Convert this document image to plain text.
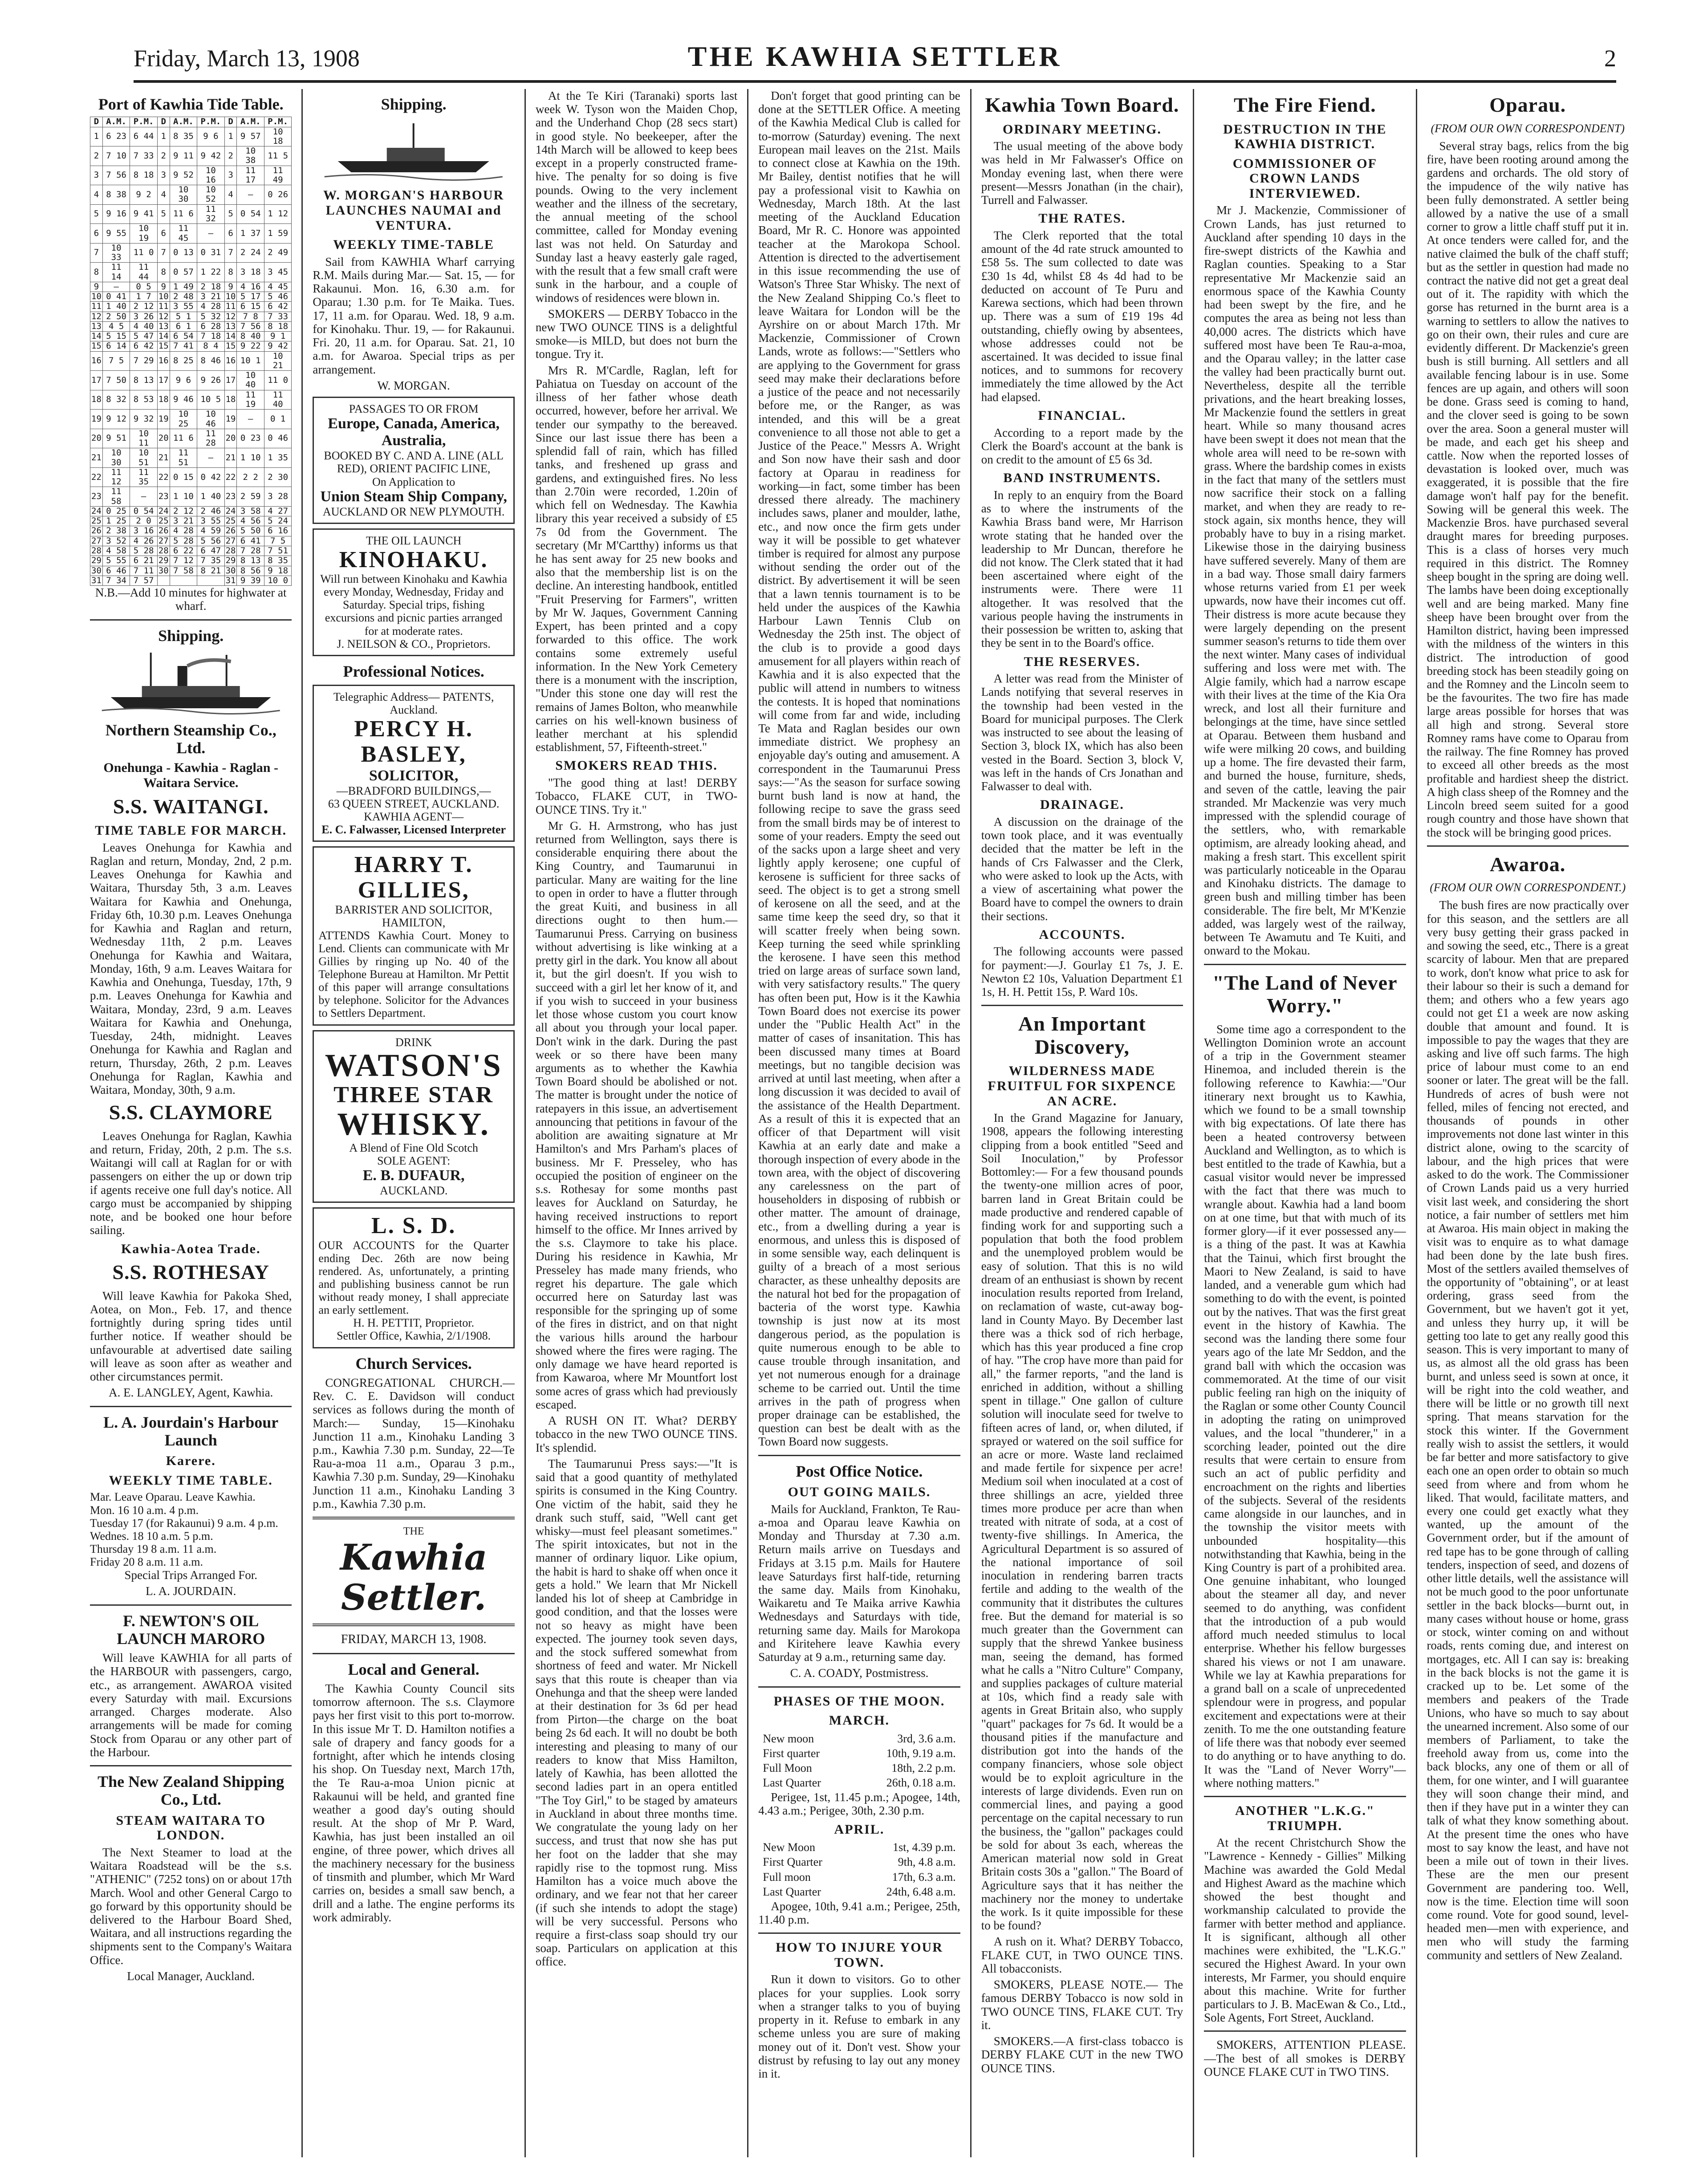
Friday, March 13, 1908	THE KAWHIA SETTLER	2
Port of Kawhia Tide Table.
D	A.M.	P.M.	D	A.M.	P.M.	D	A.M.	P.M.
1	6 23	6 44	1	8 35	9 6	1	9 57	10 18
2	7 10	7 33	2	9 11	9 42	2	10 38	11 5
3	7 56	8 18	3	9 52	10 16	3	11 17	11 49
4	8 38	9 2	4	10 30	10 52	4	—	0 26
5	9 16	9 41	5	11 6	11 32	5	0 54	1 12
6	9 55	10 19	6	11 45	—	6	1 37	1 59
7	10 33	11 0	7	0 13	0 31	7	2 24	2 49
8	11 14	11 44	8	0 57	1 22	8	3 18	3 45
9	—	0 5	9	1 49	2 18	9	4 16	4 45
10	0 41	1 7	10	2 48	3 21	10	5 17	5 46
11	1 40	2 12	11	3 55	4 28	11	6 15	6 42
12	2 50	3 26	12	5 1	5 32	12	7 8	7 33
13	4 5	4 40	13	6 1	6 28	13	7 56	8 18
14	5 15	5 47	14	6 54	7 18	14	8 40	9 1
15	6 14	6 42	15	7 41	8 4	15	9 22	9 42
16	7 5	7 29	16	8 25	8 46	16	10 1	10 21
17	7 50	8 13	17	9 6	9 26	17	10 40	11 0
18	8 32	8 53	18	9 46	10 5	18	11 19	11 40
19	9 12	9 32	19	10 25	10 46	19	—	0 1
20	9 51	10 11	20	11 6	11 28	20	0 23	0 46
21	10 30	10 51	21	11 51	—	21	1 10	1 35
22	11 12	11 35	22	0 15	0 42	22	2 2	2 30
23	11 58	—	23	1 10	1 40	23	2 59	3 28
24	0 25	0 54	24	2 12	2 46	24	3 58	4 27
25	1 25	2 0	25	3 21	3 55	25	4 56	5 24
26	2 38	3 16	26	4 28	4 59	26	5 50	6 16
27	3 52	4 26	27	5 28	5 56	27	6 41	7 5
28	4 58	5 28	28	6 22	6 47	28	7 28	7 51
29	5 55	6 21	29	7 12	7 35	29	8 13	8 35
30	6 46	7 11	30	7 58	8 21	30	8 56	9 18
31	7 34	7 57				31	9 39	10 0

N.B.—Add 10 minutes for highwater at wharf.

Shipping.
Northern Steamship Co., Ltd.

Onehunga - Kawhia - Raglan - Waitara Service.

S.S. WAITANGI.
TIME TABLE FOR MARCH.

Leaves Onehunga for Kawhia and Raglan and return, Monday, 2nd, 2 p.m. Leaves Onehunga for Kawhia and Waitara, Thursday 5th, 3 a.m. Leaves Waitara for Kawhia and Onehunga, Friday 6th, 10.30 p.m. Leaves Onehunga for Kawhia and Raglan and return, Wednesday 11th, 2 p.m. Leaves Onehunga for Kawhia and Waitara, Monday, 16th, 9 a.m. Leaves Waitara for Kawhia and Onehunga, Tuesday, 17th, 9 p.m. Leaves Onehunga for Kawhia and Waitara, Monday, 23rd, 9 a.m. Leaves Waitara for Kawhia and Onehunga, Tuesday, 24th, midnight. Leaves Onehunga for Kawhia and Raglan and return, Thursday, 26th, 2 p.m. Leaves Onehunga for Raglan, Kawhia and Waitara, Monday, 30th, 9 a.m.

S.S. CLAYMORE

Leaves Onehunga for Raglan, Kawhia and return, Friday, 20th, 2 p.m. The s.s. Waitangi will call at Raglan for or with passengers on either the up or down trip if agents receive one full day's notice. All cargo must be accompanied by shipping note, and be booked one hour before sailing.

Kawhia-Aotea Trade.
S.S. ROTHESAY

Will leave Kawhia for Pakoka Shed, Aotea, on Mon., Feb. 17, and thence fortnightly during spring tides until further notice. If weather should be unfavourable at advertised date sailing will leave as soon after as weather and other circumstances permit.

A. E. LANGLEY, Agent, Kawhia.

L. A. Jourdain's Harbour Launch
Karere.
WEEKLY TIME TABLE.
Mar. Leave Oparau. Leave Kawhia.
Mon. 16 10 a.m. 4 p.m.
Tuesday 17 (for Rakaunui) 9 a.m. 4 p.m.
Wednes. 18 10 a.m. 5 p.m.
Thursday 19 8 a.m. 11 a.m.
Friday 20 8 a.m. 11 a.m.

Special Trips Arranged For.

L. A. JOURDAIN.

F. NEWTON'S OIL LAUNCH MARORO

Will leave KAWHIA for all parts of the HARBOUR with passengers, cargo, etc., as arrangement. AWAROA visited every Saturday with mail. Excursions arranged. Charges moderate. Also arrangements will be made for coming Stock from Oparau or any other part of the Harbour.

The New Zealand Shipping Co., Ltd.
STEAM WAITARA TO LONDON.

The Next Steamer to load at the Waitara Roadstead will be the s.s. "ATHENIC" (7252 tons) on or about 17th March. Wool and other General Cargo to go forward by this opportunity should be delivered to the Harbour Board Shed, Waitara, and all instructions regarding the shipments sent to the Company's Waitara Office.

Local Manager, Auckland.

Shipping.
W. MORGAN'S HARBOUR LAUNCHES NAUMAI and VENTURA.
WEEKLY TIME-TABLE

Sail from KAWHIA Wharf carrying R.M. Mails during Mar.— Sat. 15, — for Rakaunui. Mon. 16, 6.30 a.m. for Oparau; 1.30 p.m. for Te Maika. Tues. 17, 11 a.m. for Oparau. Wed. 18, 9 a.m. for Kinohaku. Thur. 19, — for Rakaunui. Fri. 20, 11 a.m. for Oparau. Sat. 21, 10 a.m. for Awaroa. Special trips as per arrangement.

W. MORGAN.

PASSAGES TO OR FROM
Europe, Canada, America, Australia,
BOOKED BY C. AND A. LINE (ALL RED), ORIENT PACIFIC LINE,
On Application to
Union Steam Ship Company,
AUCKLAND OR NEW PLYMOUTH.
THE OIL LAUNCH
KINOHAKU.
Will run between Kinohaku and Kawhia every Monday, Wednesday, Friday and Saturday. Special trips, fishing excursions and picnic parties arranged for at moderate rates.
J. NEILSON & CO., Proprietors.
Professional Notices.
Telegraphic Address— PATENTS, Auckland.
PERCY H. BASLEY,
SOLICITOR,
—BRADFORD BUILDINGS,—
63 QUEEN STREET, AUCKLAND.
KAWHIA AGENT—
E. C. Falwasser, Licensed Interpreter
HARRY T. GILLIES,
BARRISTER AND SOLICITOR, HAMILTON,
ATTENDS Kawhia Court. Money to Lend. Clients can communicate with Mr Gillies by ringing up No. 40 of the Telephone Bureau at Hamilton. Mr Pettit of this paper will arrange consultations by telephone. Solicitor for the Advances to Settlers Department.
DRINK
WATSON'S
THREE STAR
WHISKY.
A Blend of Fine Old Scotch
SOLE AGENT:
E. B. DUFAUR,
AUCKLAND.
L. S. D.
OUR ACCOUNTS for the Quarter ending Dec. 26th are now being rendered. As, unfortunately, a printing and publishing business cannot be run without ready money, I shall appreciate an early settlement.
H. H. PETTIT, Proprietor.
Settler Office, Kawhia, 2/1/1908.
Church Services.

CONGREGATIONAL CHURCH.—Rev. C. E. Davidson will conduct services as follows during the month of March:— Sunday, 15—Kinohaku Junction 11 a.m., Kinohaku Landing 3 p.m., Kawhia 7.30 p.m. Sunday, 22—Te Rau-a-moa 11 a.m., Oparau 3 p.m., Kawhia 7.30 p.m. Sunday, 29—Kinohaku Junction 11 a.m., Kinohaku Landing 3 p.m., Kawhia 7.30 p.m.

THE
Kawhia Settler.
FRIDAY, MARCH 13, 1908.
Local and General.

The Kawhia County Council sits tomorrow afternoon. The s.s. Claymore pays her first visit to this port to-morrow. In this issue Mr T. D. Hamilton notifies a sale of drapery and fancy goods for a fortnight, after which he intends closing his shop. On Tuesday next, March 17th, the Te Rau-a-moa Union picnic at Rakaunui will be held, and granted fine weather a good day's outing should result. At the shop of Mr P. Ward, Kawhia, has just been installed an oil engine, of three power, which drives all the machinery necessary for the business of tinsmith and plumber, which Mr Ward carries on, besides a small saw bench, a drill and a lathe. The engine performs its work admirably.

At the Te Kiri (Taranaki) sports last week W. Tyson won the Maiden Chop, and the Underhand Chop (28 secs start) in good style. No beekeeper, after the 14th March will be allowed to keep bees except in a properly constructed frame-hive. The penalty for so doing is five pounds. Owing to the very inclement weather and the illness of the secretary, the annual meeting of the school committee, called for Monday evening last was not held. On Saturday and Sunday last a heavy easterly gale raged, with the result that a few small craft were sunk in the harbour, and a couple of windows of residences were blown in.

SMOKERS — DERBY Tobacco in the new TWO OUNCE TINS is a delightful smoke—is MILD, but does not burn the tongue. Try it.

Mrs R. M'Cardle, Raglan, left for Pahiatua on Tuesday on account of the illness of her father whose death occurred, however, before her arrival. We tender our sympathy to the bereaved. Since our last issue there has been a splendid fall of rain, which has filled tanks, and freshened up grass and gardens, and extinguished fires. No less than 2.70in were recorded, 1.20in of which fell on Wednesday. The Kawhia library this year received a subsidy of £5 7s 0d from the Government. The secretary (Mr M'Cartthy) informs us that he has sent away for 25 new books and also that the membership list is on the decline. An interesting handbook, entitled "Fruit Preserving for Farmers", written by Mr W. Jaques, Government Canning Expert, has been printed and a copy forwarded to this office. The work contains some extremely useful information. In the New York Cemetery there is a monument with the inscription, "Under this stone one day will rest the remains of James Bolton, who meanwhile carries on his well-known business of leather merchant at his splendid establishment, 57, Fifteenth-street."

SMOKERS READ THIS.

"The good thing at last! DERBY Tobacco, FLAKE CUT, in TWO-OUNCE TINS. Try it."

Mr G. H. Armstrong, who has just returned from Wellington, says there is considerable enquiring there about the King Country, and Taumarunui in particular. Many are waiting for the line to open in order to have a flutter through the great Kuiti, and business in all directions ought to then hum.—Taumarunui Press. Carrying on business without advertising is like winking at a pretty girl in the dark. You know all about it, but the girl doesn't. If you wish to succeed with a girl let her know of it, and if you wish to succeed in your business let those whose custom you court know all about you through your local paper. Don't wink in the dark. During the past week or so there have been many arguments as to whether the Kawhia Town Board should be abolished or not. The matter is brought under the notice of ratepayers in this issue, an advertisement announcing that petitions in favour of the abolition are awaiting signature at Mr Hamilton's and Mrs Parham's places of business. Mr F. Presseley, who has occupied the position of engineer on the s.s. Rothesay for some months past leaves for Auckland on Saturday, he having received instructions to report himself to the office. Mr Innes arrived by the s.s. Claymore to take his place. During his residence in Kawhia, Mr Presseley has made many friends, who regret his departure. The gale which occurred here on Saturday last was responsible for the springing up of some of the fires in district, and on that night the various hills around the harbour showed where the fires were raging. The only damage we have heard reported is from Kawaroa, where Mr Mountfort lost some acres of grass which had previously escaped.

A RUSH ON IT. What? DERBY tobacco in the new TWO OUNCE TINS. It's splendid.

The Taumarunui Press says:—"It is said that a good quantity of methylated spirits is consumed in the King Country. One victim of the habit, said they he drank such stuff, said, "Well cant get whisky—must feel pleasant sometimes." The spirit intoxicates, but not in the manner of ordinary liquor. Like opium, the habit is hard to shake off when once it gets a hold." We learn that Mr Nickell landed his lot of sheep at Cambridge in good condition, and that the losses were not so heavy as might have been expected. The journey took seven days, and the stock suffered somewhat from shortness of feed and water. Mr Nickell says that this route is cheaper than via Onehunga and that the sheep were landed at their destination for 3s 6d per head from Pirton—the charge on the boat being 2s 6d each. It will no doubt be both interesting and pleasing to many of our readers to know that Miss Hamilton, lately of Kawhia, has been allotted the second ladies part in an opera entitled "The Toy Girl," to be staged by amateurs in Auckland in about three months time. We congratulate the young lady on her success, and trust that now she has put her foot on the ladder that she may rapidly rise to the topmost rung. Miss Hamilton has a voice much above the ordinary, and we fear not that her career (if such she intends to adopt the stage) will be very successful. Persons who require a first-class soap should try our soap. Particulars on application at this office.

Don't forget that good printing can be done at the SETTLER Office. A meeting of the Kawhia Medical Club is called for to-morrow (Saturday) evening. The next European mail leaves on the 21st. Mails to connect close at Kawhia on the 19th. Mr Bailey, dentist notifies that he will pay a professional visit to Kawhia on Wednesday, March 18th. At the last meeting of the Auckland Education Board, Mr R. C. Honore was appointed teacher at the Marokopa School. Attention is directed to the advertisement in this issue recommending the use of Watson's Three Star Whisky. The next of the New Zealand Shipping Co.'s fleet to leave Waitara for London will be the Ayrshire on or about March 17th. Mr Mackenzie, Commissioner of Crown Lands, wrote as follows:—"Settlers who are applying to the Government for grass seed may make their declarations before a justice of the peace and not necessarily before me, or the Ranger, as was intended, and this will be a great convenience to all those not able to get a Justice of the Peace." Messrs A. Wright and Son now have their sash and door factory at Oparau in readiness for working—in fact, some timber has been dressed there already. The machinery includes saws, planer and moulder, lathe, etc., and now once the firm gets under way it will be possible to get whatever timber is required for almost any purpose without sending the order out of the district. By advertisement it will be seen that a lawn tennis tournament is to be held under the auspices of the Kawhia Harbour Lawn Tennis Club on Wednesday the 25th inst. The object of the club is to provide a good days amusement for all players within reach of Kawhia and it is also expected that the public will attend in numbers to witness the contests. It is hoped that nominations will come from far and wide, including Te Mata and Raglan besides our own immediate district. We prophesy an enjoyable day's outing and amusement. A correspondent in the Taumarunui Press says:—"As the season for surface sowing burnt bush land is now at hand, the following recipe to save the grass seed from the small birds may be of interest to some of your readers. Empty the seed out of the sacks upon a large sheet and very lightly apply kerosene; one cupful of kerosene is sufficient for three sacks of seed. The object is to get a strong smell of kerosene on all the seed, and at the same time keep the seed dry, so that it will scatter freely when being sown. Keep turning the seed while sprinkling the kerosene. I have seen this method tried on large areas of surface sown land, with very satisfactory results." The query has often been put, How is it the Kawhia Town Board does not exercise its power under the "Public Health Act" in the matter of cases of insanitation. This has been discussed many times at Board meetings, but no tangible decision was arrived at until last meeting, when after a long discussion it was decided to avail of the assistance of the Health Department. As a result of this it is expected that an officer of that Department will visit Kawhia at an early date and make a thorough inspection of every abode in the town area, with the object of discovering any carelessness on the part of householders in disposing of rubbish or other matter. The amount of drainage, etc., from a dwelling during a year is enormous, and unless this is disposed of in some sensible way, each delinquent is guilty of a breach of a most serious character, as these unhealthy deposits are the natural hot bed for the propagation of bacteria of the worst type. Kawhia township is just now at its most dangerous period, as the population is quite numerous enough to be able to cause trouble through insanitation, and yet not numerous enough for a drainage scheme to be carried out. Until the time arrives in the path of progress when proper drainage can be established, the question can best be dealt with as the Town Board now suggests.

Post Office Notice.
OUT GOING MAILS.

Mails for Auckland, Frankton, Te Rau-a-moa and Oparau leave Kawhia on Monday and Thursday at 7.30 a.m. Return mails arrive on Tuesdays and Fridays at 3.15 p.m. Mails for Hautere leave Saturdays first half-tide, returning the same day. Mails from Kinohaku, Waikaretu and Te Maika arrive Kawhia Wednesdays and Saturdays with tide, returning same day. Mails for Marokopa and Kiritehere leave Kawhia every Saturday at 9 a.m., returning same day.

C. A. COADY, Postmistress.

PHASES OF THE MOON.
MARCH.
New moon	3rd, 3.6 a.m.
First quarter	10th, 9.19 a.m.
Full Moon	18th, 2.2 p.m.
Last Quarter	26th, 0.18 a.m.

Perigee, 1st, 11.45 p.m.; Apogee, 14th, 4.43 a.m.; Perigee, 30th, 2.30 p.m.

APRIL.
New Moon	1st, 4.39 p.m.
First Quarter	9th, 4.8 a.m.
Full moon	17th, 6.3 a.m.
Last Quarter	24th, 6.48 a.m.

Apogee, 10th, 9.41 a.m.; Perigee, 25th, 11.40 p.m.

HOW TO INJURE YOUR TOWN.

Run it down to visitors. Go to other places for your supplies. Look sorry when a stranger talks to you of buying property in it. Refuse to embark in any scheme unless you are sure of making money out of it. Don't vest. Show your distrust by refusing to lay out any money in it.

Kawhia Town Board.
ORDINARY MEETING.

The usual meeting of the above body was held in Mr Falwasser's Office on Monday evening last, when there were present—Messrs Jonathan (in the chair), Turrell and Falwasser.

THE RATES.

The Clerk reported that the total amount of the 4d rate struck amounted to £58 5s. The sum collected to date was £30 1s 4d, whilst £8 4s 4d had to be deducted on account of Te Puru and Karewa sections, which had been thrown up. There was a sum of £19 19s 4d outstanding, chiefly owing by absentees, whose addresses could not be ascertained. It was decided to issue final notices, and to summons for recovery immediately the time allowed by the Act had elapsed.

FINANCIAL.

According to a report made by the Clerk the Board's account at the bank is on credit to the amount of £5 6s 3d.

BAND INSTRUMENTS.

In reply to an enquiry from the Board as to where the instruments of the Kawhia Brass band were, Mr Harrison wrote stating that he handed over the leadership to Mr Duncan, therefore he did not know. The Clerk stated that it had been ascertained where eight of the instruments were. There were 11 altogether. It was resolved that the various people having the instruments in their possession be written to, asking that they be sent in to the Board's office.

THE RESERVES.

A letter was read from the Minister of Lands notifying that several reserves in the township had been vested in the Board for municipal purposes. The Clerk was instructed to see about the leasing of Section 3, block IX, which has also been vested in the Board. Section 3, block V, was left in the hands of Crs Jonathan and Falwasser to deal with.

DRAINAGE.

A discussion on the drainage of the town took place, and it was eventually decided that the matter be left in the hands of Crs Falwasser and the Clerk, who were asked to look up the Acts, with a view of ascertaining what power the Board have to compel the owners to drain their sections.

ACCOUNTS.

The following accounts were passed for payment:—J. Gourlay £1 7s, J. E. Newton £2 10s, Valuation Department £1 1s, H. H. Pettit 15s, P. Ward 10s.

An Important Discovery,
WILDERNESS MADE FRUITFUL FOR SIXPENCE AN ACRE.

In the Grand Magazine for January, 1908, appears the following interesting clipping from a book entitled "Seed and Soil Inoculation," by Professor Bottomley:— For a few thousand pounds the twenty-one million acres of poor, barren land in Great Britain could be made productive and rendered capable of finding work for and supporting such a population that both the food problem and the unemployed problem would be easy of solution. That this is no wild dream of an enthusiast is shown by recent inoculation results reported from Ireland, on reclamation of waste, cut-away bog-land in County Mayo. By December last there was a thick sod of rich herbage, which has this year produced a fine crop of hay. "The crop have more than paid for all," the farmer reports, "and the land is enriched in addition, without a shilling spent in tillage." One gallon of culture solution will inoculate seed for twelve to fifteen acres of land, or, when diluted, if sprayed or watered on the soil suffice for an acre or more. Waste land reclaimed and made fertile for sixpence per acre! Medium soil when inoculated at a cost of three shillings an acre, yielded three times more produce per acre than when treated with nitrate of soda, at a cost of twenty-five shillings. In America, the Agricultural Department is so assured of the national importance of soil inoculation in rendering barren tracts fertile and adding to the wealth of the community that it distributes the cultures free. But the demand for material is so much greater than the Government can supply that the shrewd Yankee business man, seeing the demand, has formed what he calls a "Nitro Culture" Company, and supplies packages of culture material at 10s, which find a ready sale with agents in Great Britain also, who supply "quart" packages for 7s 6d. It would be a thousand pities if the manufacture and distribution got into the hands of the company financiers, whose sole object would be to exploit agriculture in the interests of large dividends. Even run on commercial lines, and paying a good percentage on the capital necessary to run the business, the "gallon" packages could be sold for about 3s each, whereas the American material now sold in Great Britain costs 30s a "gallon." The Board of Agriculture says that it has neither the machinery nor the money to undertake the work. Is it quite impossible for these to be found?

A rush on it. What? DERBY Tobacco, FLAKE CUT, in TWO OUNCE TINS. All tobacconists.

SMOKERS, PLEASE NOTE.— The famous DERBY Tobacco is now sold in TWO OUNCE TINS, FLAKE CUT. Try it.

SMOKERS.—A first-class tobacco is DERBY FLAKE CUT in the new TWO OUNCE TINS.

The Fire Fiend.
DESTRUCTION IN THE KAWHIA DISTRICT.
COMMISSIONER OF CROWN LANDS INTERVIEWED.

Mr J. Mackenzie, Commissioner of Crown Lands, has just returned to Auckland after spending 10 days in the fire-swept districts of the Kawhia and Raglan counties. Speaking to a Star representative Mr Mackenzie said an enormous space of the Kawhia County had been swept by the fire, and he computes the area as being not less than 40,000 acres. The districts which have suffered most have been Te Rau-a-moa, and the Oparau valley; in the latter case the valley had been practically burnt out. Nevertheless, despite all the terrible privations, and the heart breaking losses, Mr Mackenzie found the settlers in great heart. While so many thousand acres have been swept it does not mean that the whole area will need to be re-sown with grass. Where the bardship comes in exists in the fact that many of the settlers must now sacrifice their stock on a falling market, and when they are ready to re-stock again, six months hence, they will probably have to buy in a rising market. Likewise those in the dairying business have suffered severely. Many of them are in a bad way. Those small dairy farmers whose returns varied from £1 per week upwards, now have their incomes cut off. Their distress is more acute because they were largely depending on the present summer season's returns to tide them over the next winter. Many cases of individual suffering and loss were met with. The Algie family, which had a narrow escape with their lives at the time of the Kia Ora wreck, and lost all their furniture and belongings at the time, have since settled at Oparau. Between them husband and wife were milking 20 cows, and building up a home. The fire devasted their farm, and burned the house, furniture, sheds, and seven of the cattle, leaving the pair stranded. Mr Mackenzie was very much impressed with the splendid courage of the settlers, who, with remarkable optimism, are already looking ahead, and making a fresh start. This excellent spirit was particularly noticeable in the Oparau and Kinohaku districts. The damage to green bush and milling timber has been considerable. The fire belt, Mr M'Kenzie added, was largely west of the railway, between Te Awamutu and Te Kuiti, and onward to the Mokau.

"The Land of Never Worry."

Some time ago a correspondent to the Wellington Dominion wrote an account of a trip in the Government steamer Hinemoa, and included therein is the following reference to Kawhia:—"Our itinerary next brought us to Kawhia, which we found to be a small township with big expectations. Of late there has been a heated controversy between Auckland and Wellington, as to which is best entitled to the trade of Kawhia, but a casual visitor would never be impressed with the fact that there was much to wrangle about. Kawhia had a land boom on at one time, but that with much of its former glory—if it ever possessed any—is a thing of the past. It was at Kawhia that the Tainui, which first brought the Maori to New Zealand, is said to have landed, and a venerable gum which had something to do with the event, is pointed out by the natives. That was the first great event in the history of Kawhia. The second was the landing there some four years ago of the late Mr Seddon, and the grand ball with which the occasion was commemorated. At the time of our visit public feeling ran high on the iniquity of the Raglan or some other County Council in adopting the rating on unimproved values, and the local "thunderer," in a scorching leader, pointed out the dire results that were certain to ensure from such an act of public perfidity and encroachment on the rights and liberties of the subjects. Several of the residents came alongside in our launches, and in the township the visitor meets with unbounded hospitality—this notwithstanding that Kawhia, being in the King Country is part of a prohibited area. One genuine inhabitant, who lounged about the steamer all day, and never seemed to do anything, was confident that the introduction of a pub would afford much needed stimulus to local enterprise. Whether his fellow burgesses shared his views or not I am unaware. While we lay at Kawhia preparations for a grand ball on a scale of unprecedented splendour were in progress, and popular excitement and expectations were at their zenith. To me the one outstanding feature of life there was that nobody ever seemed to do anything or to have anything to do. It was the "Land of Never Worry"— where nothing matters."

ANOTHER "L.K.G." TRIUMPH.

At the recent Christchurch Show the "Lawrence - Kennedy - Gillies" Milking Machine was awarded the Gold Medal and Highest Award as the machine which showed the best thought and workmanship calculated to provide the farmer with better method and appliance. It is significant, although all other machines were exhibited, the "L.K.G." secured the Highest Award. In your own interests, Mr Farmer, you should enquire about this machine. Write for further particulars to J. B. MacEwan & Co., Ltd., Sole Agents, Fort Street, Auckland.

SMOKERS, ATTENTION PLEASE.—The best of all smokes is DERBY OUNCE FLAKE CUT in TWO TINS.

Oparau.
(FROM OUR OWN CORRESPONDENT)

Several stray bags, relics from the big fire, have been rooting around among the gardens and orchards. The old story of the impudence of the wily native has been fully demonstrated. A settler being allowed by a native the use of a small corner to grow a little chaff stuff put it in. At once tenders were called for, and the native claimed the bulk of the chaff stuff; but as the settler in question had made no contract the native did not get a great deal out of it. The rapidity with which the gorse has returned in the burnt area is a warning to settlers to allow the natives to go on their own, their rules and cure are evidently different. Dr Mackenzie's green bush is still burning. All settlers and all available fencing labour is in use. Some fences are up again, and others will soon be done. Grass seed is coming to hand, and the clover seed is going to be sown over the area. Soon a general muster will be made, and each get his sheep and cattle. Now when the reported losses of devastation is looked over, much was exaggerated, it is possible that the fire damage won't half pay for the benefit. Sowing will be general this week. The Mackenzie Bros. have purchased several draught mares for breeding purposes. This is a class of horses very much required in this district. The Romney sheep bought in the spring are doing well. The lambs have been doing exceptionally well and are being marked. Many fine sheep have been brought over from the Hamilton district, having been impressed with the mildness of the winters in this district. The introduction of good breeding stock has been steadily going on and the Romney and the Lincoln seem to be the favourites. The two fire has made large areas possible for horses that was all high and strong. Several store Romney rams have come to Oparau from the railway. The fine Romney has proved to exceed all other breeds as the most profitable and hardiest sheep the district. A high class sheep of the Romney and the Lincoln breed seem suited for a good rough country and those have shown that the stock will be bringing good prices.

Awaroa.
(FROM OUR OWN CORRESPONDENT.)

The bush fires are now practically over for this season, and the settlers are all very busy getting their grass packed in and sowing the seed, etc., There is a great scarcity of labour. Men that are prepared to work, don't know what price to ask for their labour so their is such a demand for them; and others who a few years ago could not get £1 a week are now asking double that amount and found. It is impossible to pay the wages that they are asking and live off such farms. The high price of labour must come to an end sooner or later. The great will be the fall. Hundreds of acres of bush were not felled, miles of fencing not erected, and thousands of pounds in other improvements not done last winter in this district alone, owing to the scarcity of labour, and the high prices that were asked to do the work. The Commissioner of Crown Lands paid us a very hurried visit last week, and considering the short notice, a fair number of settlers met him at Awaroa. His main object in making the visit was to enquire as to what damage had been done by the late bush fires. Most of the settlers availed themselves of the opportunity of "obtaining", or at least ordering, grass seed from the Government, but we haven't got it yet, and unless they hurry up, it will be getting too late to get any really good this season. This is very important to many of us, as almost all the old grass has been burnt, and unless seed is sown at once, it will be right into the cold weather, and there will be little or no growth till next spring. That means starvation for the stock this winter. If the Government really wish to assist the settlers, it would be far better and more satisfactory to give each one an open order to obtain so much seed from where and from whom he liked. That would, facilitate matters, and every one could get exactly what they wanted, up the amount of the Government order, but if the amount of red tape has to be gone through of calling tenders, inspection of seed, and dozens of other little details, well the assistance will not be much good to the poor unfortunate settler in the back blocks—burnt out, in many cases without house or home, grass or stock, winter coming on and without roads, rents coming due, and interest on mortgages, etc. All I can say is: breaking in the back blocks is not the game it is cracked up to be. Let some of the members and peakers of the Trade Unions, who have so much to say about the unearned increment. Also some of our members of Parliament, to take the freehold away from us, come into the back blocks, any one of them or all of them, for one winter, and I will guarantee they will soon change their mind, and then if they have put in a winter they can talk of what they know something about. At the present time the ones who have most to say know the least, and have not been a mile out of town in their lives. These are the men our present Government are pandering too. Well, now is the time. Election time will soon come round. Vote for good sound, level-headed men—men with experience, and men who will study the farming community and settlers of New Zealand.
